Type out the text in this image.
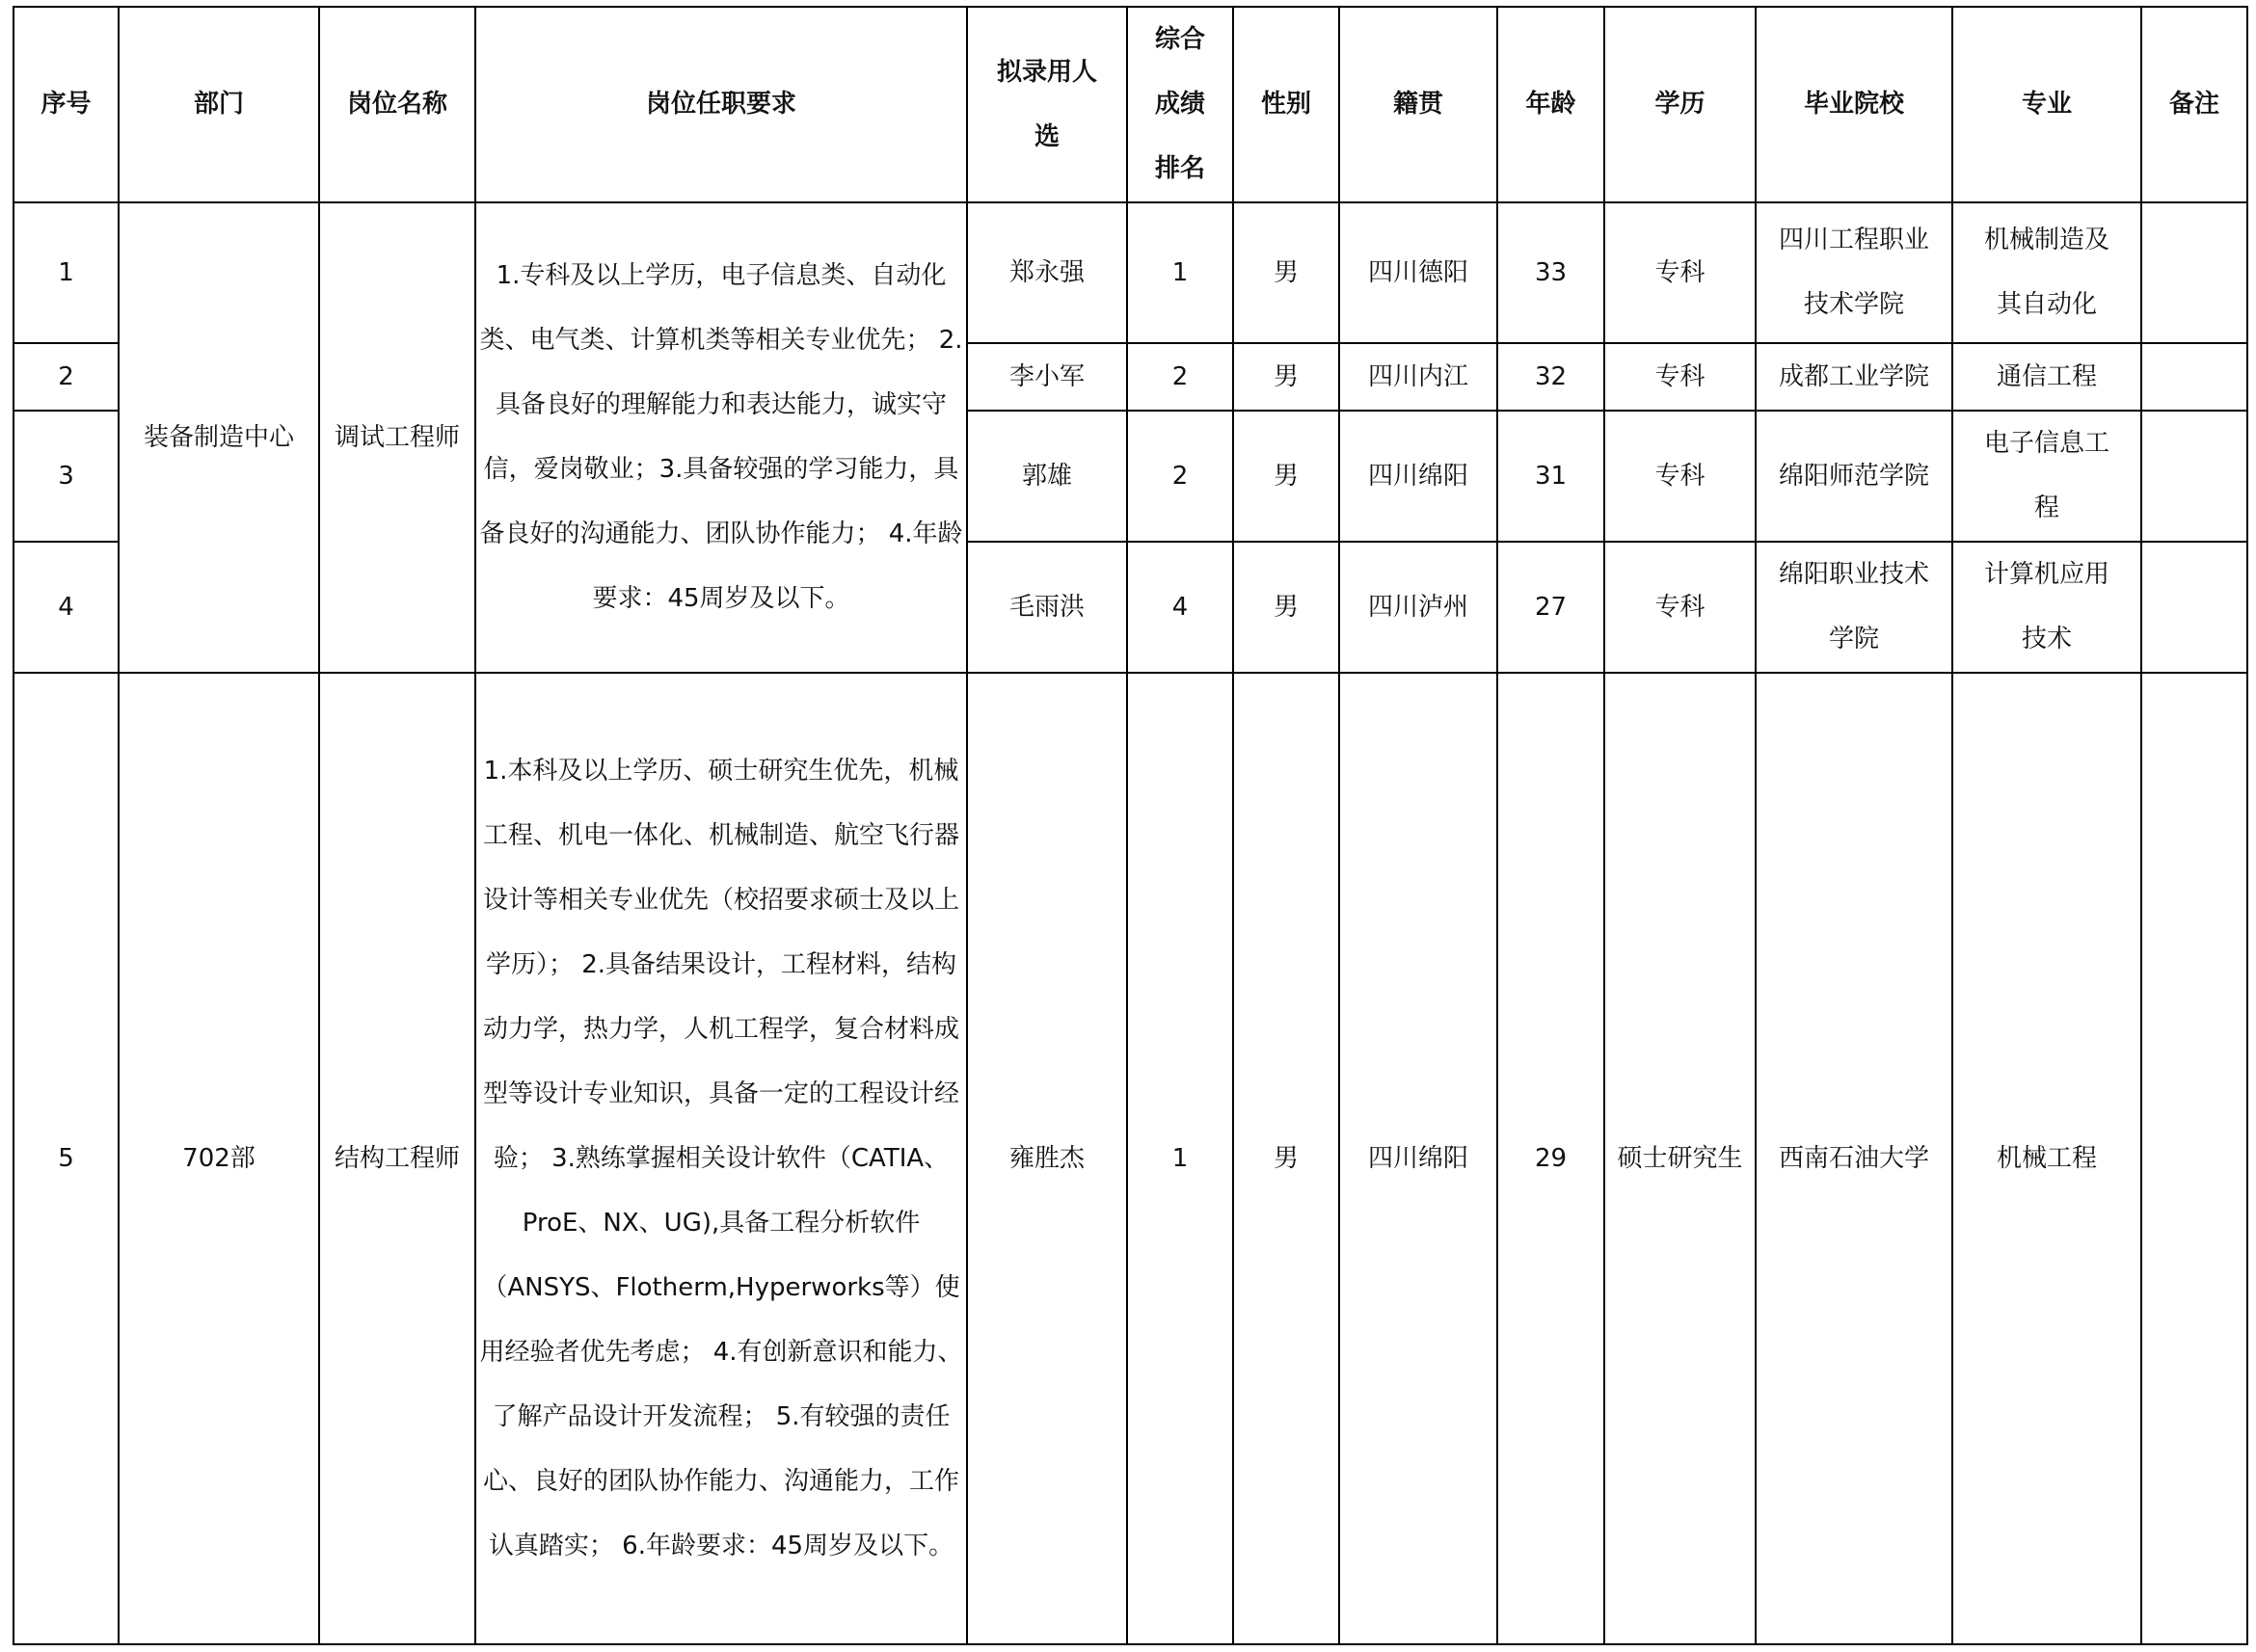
序号	部门	岗位名称	岗位任职要求	拟录用人选	综合成绩排名	性别	籍贯	年龄	学历	毕业院校	专业	备注
1	装备制造中心	调试工程师	1.专科及以上学历，电子信息类、自动化类、电气类、计算机类等相关专业优先； 2.具备良好的理解能力和表达能力，诚实守信，爱岗敬业；3.具备较强的学习能力，具备良好的沟通能力、团队协作能力； 4.年龄要求：45周岁及以下。	郑永强	1	男	四川德阳	33	专科	四川工程职业技术学院	机械制造及其自动化	

2				李小军	2	男	四川内江	32	专科	成都工业学院	通信工程	
3				郭雄	2	男	四川绵阳	31	专科	绵阳师范学院	电子信息工程	

4				毛雨洪	4	男	四川泸州	27	专科	绵阳职业技术学院	计算机应用技术	

5	702部	结构工程师	1.本科及以上学历、硕士研究生优先，机械工程、机电一体化、机械制造、航空飞行器设计等相关专业优先（校招要求硕士及以上学历）； 2.具备结果设计，工程材料，结构动力学，热力学，人机工程学，复合材料成型等设计专业知识，具备一定的工程设计经验； 3.熟练掌握相关设计软件（CATIA、ProE、NX、UG),具备工程分析软件（ANSYS、Flotherm,Hyperworks等）使用经验者优先考虑； 4.有创新意识和能力、了解产品设计开发流程； 5.有较强的责任心、良好的团队协作能力、沟通能力，工作认真踏实； 6.年龄要求：45周岁及以下。	雍胜杰	1	男	四川绵阳	29	硕士研究生	西南石油大学	机械工程	
